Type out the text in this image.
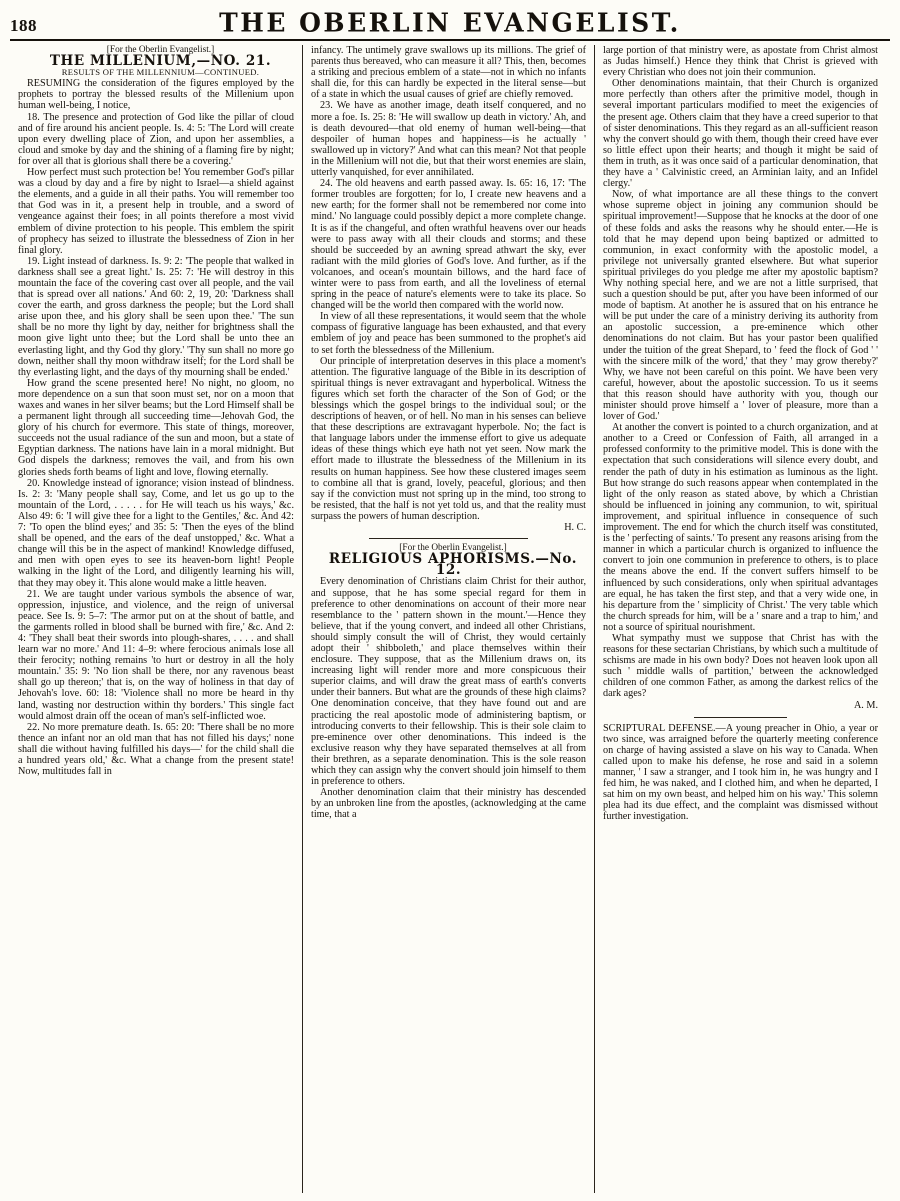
188	THE OBERLIN EVANGELIST.

[For the Oberlin Evangelist.]

THE MILLENIUM,—NO. 21.

RESULTS OF THE MILLENNIUM—CONTINUED.

RESUMING the consideration of the figures employed by the prophets to portray the blessed results of the Millenium upon human well-being, I notice,

18. The presence and protection of God like the pillar of cloud and of fire around his ancient people. Is. 4: 5: 'The Lord will create upon every dwelling place of Zion, and upon her assemblies, a cloud and smoke by day and the shining of a flaming fire by night; for over all that is glorious shall there be a covering.'

How perfect must such protection be! You remember God's pillar was a cloud by day and a fire by night to Israel—a shield against the elements, and a guide in all their paths. You will remember too that God was in it, a present help in trouble, and a sword of vengeance against their foes; in all points therefore a most vivid emblem of divine protection to his people. This emblem the spirit of prophecy has seized to illustrate the blessedness of Zion in her final glory.

19. Light instead of darkness. Is. 9: 2: 'The people that walked in darkness shall see a great light.' Is. 25: 7: 'He will destroy in this mountain the face of the covering cast over all people, and the vail that is spread over all nations.' And 60: 2, 19, 20: 'Darkness shall cover the earth, and gross darkness the people; but the Lord shall arise upon thee, and his glory shall be seen upon thee.' 'The sun shall be no more thy light by day, neither for brightness shall the moon give light unto thee; but the Lord shall be unto thee an everlasting light, and thy God thy glory.' 'Thy sun shall no more go down, neither shall thy moon withdraw itself; for the Lord shall be thy everlasting light, and the days of thy mourning shall be ended.'

How grand the scene presented here! No night, no gloom, no more dependence on a sun that soon must set, nor on a moon that waxes and wanes in her silver beams; but the Lord Himself shall be a permanent light through all succeeding time—Jehovah God, the glory of his church for evermore. This state of things, moreover, succeeds not the usual radiance of the sun and moon, but a state of Egyptian darkness. The nations have lain in a moral midnight. But God dispels the darkness; removes the vail, and from his own glories sheds forth beams of light and love, flowing eternally.

20. Knowledge instead of ignorance; vision instead of blindness. Is. 2: 3: 'Many people shall say, Come, and let us go up to the mountain of the Lord, . . . . . for He will teach us his ways,' &c. Also 49: 6: 'I will give thee for a light to the Gentiles,' &c. And 42: 7: 'To open the blind eyes;' and 35: 5: 'Then the eyes of the blind shall be opened, and the ears of the deaf unstopped,' &c. What a change will this be in the aspect of mankind! Knowledge diffused, and men with open eyes to see its heaven-born light! People walking in the light of the Lord, and diligently learning his will, that they may obey it. This alone would make a little heaven.

21. We are taught under various symbols the absence of war, oppression, injustice, and violence, and the reign of universal peace. See Is. 9: 5–7: 'The armor put on at the shout of battle, and the garments rolled in blood shall be burned with fire,' &c. And 2: 4: 'They shall beat their swords into plough-shares, . . . . and shall learn war no more.' And 11: 4–9: where ferocious animals lose all their ferocity; nothing remains 'to hurt or destroy in all the holy mountain.' 35: 9: 'No lion shall be there, nor any ravenous beast shall go up thereon;' that is, on the way of holiness in that day of Jehovah's love. 60: 18: 'Violence shall no more be heard in thy land, wasting nor destruction within thy borders.' This single fact would almost drain off the ocean of man's self-inflicted woe.

22. No more premature death. Is. 65: 20: 'There shall be no more thence an infant nor an old man that has not filled his days;' none shall die without having fulfilled his days—' for the child shall die a hundred years old,' &c. What a change from the present state! Now, multitudes fall in

infancy. The untimely grave swallows up its millions. The grief of parents thus bereaved, who can measure it all? This, then, becomes a striking and precious emblem of a state—not in which no infants shall die, for this can hardly be expected in the literal sense—but of a state in which the usual causes of grief are chiefly removed.

23. We have as another image, death itself conquered, and no more a foe. Is. 25: 8: 'He will swallow up death in victory.' Ah, and is death devoured—that old enemy of human well-being—that despoiler of human hopes and happiness—is he actually ' swallowed up in victory?' And what can this mean? Not that people in the Millenium will not die, but that their worst enemies are slain, utterly vanquished, for ever annihilated.

24. The old heavens and earth passed away. Is. 65: 16, 17: 'The former troubles are forgotten; for lo, I create new heavens and a new earth; for the former shall not be remembered nor come into mind.' No language could possibly depict a more complete change. It is as if the changeful, and often wrathful heavens over our heads were to pass away with all their clouds and storms; and these should be succeeded by an awning spread athwart the sky, ever radiant with the mild glories of God's love. And further, as if the volcanoes, and ocean's mountain billows, and the hard face of winter were to pass from earth, and all the loveliness of eternal spring in the peace of nature's elements were to take its place. So changed will be the world then compared with the world now.

In view of all these representations, it would seem that the whole compass of figurative language has been exhausted, and that every emblem of joy and peace has been summoned to the prophet's aid to set forth the blessedness of the Millenium.

Our principle of interpretation deserves in this place a moment's attention. The figurative language of the Bible in its description of spiritual things is never extravagant and hyperbolical. Witness the figures which set forth the character of the Son of God; or the blessings which the gospel brings to the individual soul; or the descriptions of heaven, or of hell. No man in his senses can believe that these descriptions are extravagant hyperbole. No; the fact is that language labors under the immense effort to give us adequate ideas of these things which eye hath not yet seen. Now mark the effort made to illustrate the blessedness of the Millenium in its results on human happiness. See how these clustered images seem to combine all that is grand, lovely, peaceful, glorious; and then say if the conviction must not spring up in the mind, too strong to be resisted, that the half is not yet told us, and that the reality must surpass the powers of human description.

H. C.

[For the Oberlin Evangelist.]

RELIGIOUS APHORISMS.—No. 12.

Every denomination of Christians claim Christ for their author, and suppose, that he has some special regard for them in preference to other denominations on account of their more near resemblance to the ' pattern shown in the mount.'—Hence they believe, that if the young convert, and indeed all other Christians, should simply consult the will of Christ, they would certainly adopt their ' shibboleth,' and place themselves within their enclosure. They suppose, that as the Millenium draws on, its increasing light will render more and more conspicuous their superior claims, and will draw the great mass of earth's converts under their banners. But what are the grounds of these high claims? One denomination conceive, that they have found out and are practicing the real apostolic mode of administering baptism, or introducing converts to their fellowship. This is their sole claim to pre-eminence over other denominations. This indeed is the exclusive reason why they have separated themselves at all from their brethren, as a separate denomination. This is the sole reason which they can assign why the convert should join himself to them in preference to others.

Another denomination claim that their ministry has descended by an unbroken line from the apostles, (acknowledging at the came time, that a

large portion of that ministry were, as apostate from Christ almost as Judas himself.) Hence they think that Christ is grieved with every Christian who does not join their communion.

Other denominations maintain, that their Church is organized more perfectly than others after the primitive model, though in several important particulars modified to meet the exigencies of the present age. Others claim that they have a creed superior to that of sister denominations. This they regard as an all-sufficient reason why the convert should go with them, though their creed have ever so little effect upon their hearts; and though it might be said of them in truth, as it was once said of a particular denomination, that they have a ' Calvinistic creed, an Arminian laity, and an Infidel clergy.'

Now, of what importance are all these things to the convert whose supreme object in joining any communion should be spiritual improvement!—Suppose that he knocks at the door of one of these folds and asks the reasons why he should enter.—He is told that he may depend upon being baptized or admitted to communion, in exact conformity with the apostolic model, a privilege not universally granted elsewhere. But what superior spiritual privileges do you pledge me after my apostolic baptism? Why nothing special here, and we are not a little surprised, that such a question should be put, after you have been informed of our mode of baptism. At another he is assured that on his entrance he will be put under the care of a ministry deriving its authority from an apostolic succession, a pre-eminence which other denominations do not claim. But has your pastor been qualified under the tuition of the great Shepard, to ' feed the flock of God ' ' with the sincere milk of the word,' that they ' may grow thereby?' Why, we have not been careful on this point. We have been very careful, however, about the apostolic succession. To us it seems that this reason should have authority with you, though our minister should prove himself a ' lover of pleasure, more than a lover of God.'

At another the convert is pointed to a church organization, and at another to a Creed or Confession of Faith, all arranged in a professed conformity to the primitive model. This is done with the expectation that such considerations will silence every doubt, and render the path of duty in his estimation as luminous as the light. But how strange do such reasons appear when contemplated in the light of the only reason as stated above, by which a Christian should be influenced in joining any communion, to wit, spiritual improvement, and spiritual influence in consequence of such improvement. The end for which the church itself was constituted, is the ' perfecting of saints.' To present any reasons arising from the manner in which a particular church is organized to influence the convert to join one communion in preference to others, is to place the means above the end. If the convert suffers himself to be influenced by such considerations, only when spiritual advantages are equal, he has taken the first step, and that a very wide one, in his departure from the ' simplicity of Christ.' The very table which the church spreads for him, will be a ' snare and a trap to him,' and not a source of spiritual nourishment.

What sympathy must we suppose that Christ has with the reasons for these sectarian Christians, by which such a multitude of schisms are made in his own body? Does not heaven look upon all such ' middle walls of partition,' between the acknowledged children of one common Father, as among the darkest relics of the dark ages?

A. M.

SCRIPTURAL DEFENSE.—A young preacher in Ohio, a year or two since, was arraigned before the quarterly meeting conference on charge of having assisted a slave on his way to Canada. When called upon to make his defense, he rose and said in a solemn manner, ' I saw a stranger, and I took him in, he was hungry and I fed him, he was naked, and I clothed him, and when he departed, I sat him on my own beast, and helped him on his way.' This solemn plea had its due effect, and the complaint was dismissed without further investigation.
